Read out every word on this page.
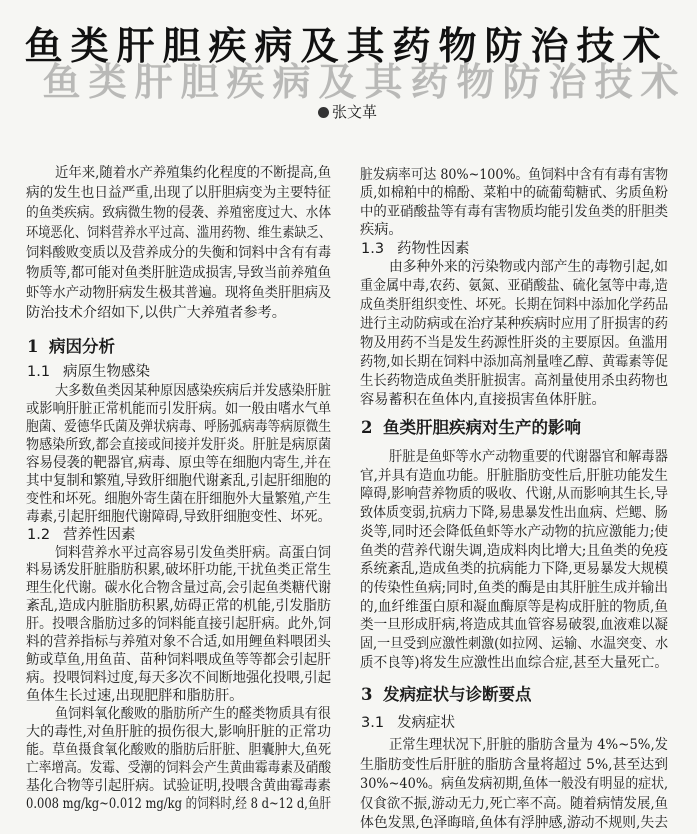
鱼类肝胆疾病及其药物防治技术
鱼类肝胆疾病及其药物防治技术
张文革
近年来,随着水产养殖集约化程度的不断提高,鱼
病的发生也日益严重,出现了以肝胆病变为主要特征
的鱼类疾病。致病微生物的侵袭、养殖密度过大、水体
环境恶化、饲料营养水平过高、滥用药物、维生素缺乏、
饲料酸败变质以及营养成分的失衡和饲料中含有有毒
物质等,都可能对鱼类肝脏造成损害,导致当前养殖鱼
虾等水产动物肝病发生极其普遍。现将鱼类肝胆病及
防治技术介绍如下,以供广大养殖者参考。
1 病因分析
1.1 病原生物感染
大多数鱼类因某种原因感染疾病后并发感染肝脏
或影响肝脏正常机能而引发肝病。如一般由嗜水气单
胞菌、爱德华氏菌及弹状病毒、呼肠弧病毒等病原微生
物感染所致,都会直接或间接并发肝炎。肝脏是病原菌
容易侵袭的靶器官,病毒、原虫等在细胞内寄生,并在
其中复制和繁殖,导致肝细胞代谢紊乱,引起肝细胞的
变性和坏死。细胞外寄生菌在肝细胞外大量繁殖,产生
毒素,引起肝细胞代谢障碍,导致肝细胞变性、坏死。
1.2 营养性因素
饲料营养水平过高容易引发鱼类肝病。高蛋白饲
料易诱发肝脏脂肪积累,破坏肝功能,干扰鱼类正常生
理生化代谢。碳水化合物含量过高,会引起鱼类糖代谢
紊乱,造成内脏脂肪积累,妨碍正常的机能,引发脂肪
肝。投喂含脂肪过多的饲料能直接引起肝病。此外,饲
料的营养指标与养殖对象不合适,如用鲤鱼料喂团头
鲂或草鱼,用鱼苗、苗种饲料喂成鱼等等都会引起肝
病。投喂饲料过度,每天多次不间断地强化投喂,引起
鱼体生长过速,出现肥胖和脂肪肝。
鱼饲料氧化酸败的脂肪所产生的醛类物质具有很
大的毒性,对鱼肝脏的损伤很大,影响肝脏的正常功
能。草鱼摄食氧化酸败的脂肪后肝脏、胆囊肿大,鱼死
亡率增高。发霉、受潮的饲料会产生黄曲霉毒素及硝酸
基化合物等引起肝病。试验证明,投喂含黄曲霉毒素
0.008 mg/kg~0.012 mg/kg 的饲料时,经 8 d~12 d,鱼肝
脏发病率可达 80%~100%。鱼饲料中含有有毒有害物
质,如棉粕中的棉酚、菜粕中的硫葡萄糖甙、劣质鱼粉
中的亚硝酸盐等有毒有害物质均能引发鱼类的肝胆类
疾病。
1.3 药物性因素
由多种外来的污染物或内部产生的毒物引起,如
重金属中毒,农药、氨氮、亚硝酸盐、硫化氢等中毒,造
成鱼类肝组织变性、坏死。长期在饲料中添加化学药品
进行主动防病或在治疗某种疾病时应用了肝损害的药
物及用药不当是发生药源性肝炎的主要原因。鱼滥用
药物,如长期在饲料中添加高剂量喹乙醇、黄霉素等促
生长药物造成鱼类肝脏损害。高剂量使用杀虫药物也
容易蓄积在鱼体内,直接损害鱼体肝脏。
2 鱼类肝胆疾病对生产的影响
肝脏是鱼虾等水产动物重要的代谢器官和解毒器
官,并具有造血功能。肝脏脂肪变性后,肝脏功能发生
障碍,影响营养物质的吸收、代谢,从而影响其生长,导
致体质变弱,抗病力下降,易患暴发性出血病、烂鳃、肠
炎等,同时还会降低鱼虾等水产动物的抗应激能力;使
鱼类的营养代谢失调,造成料肉比增大;且鱼类的免疫
系统紊乱,造成鱼类的抗病能力下降,更易暴发大规模
的传染性鱼病;同时,鱼类的酶是由其肝脏生成并输出
的,血纤维蛋白原和凝血酶原等是构成肝脏的物质,鱼
类一旦形成肝病,将造成其血管容易破裂,血液难以凝
固,一旦受到应激性刺激(如拉网、运输、水温突变、水
质不良等)将发生应激性出血综合症,甚至大量死亡。
3 发病症状与诊断要点
3.1 发病症状
正常生理状况下,肝脏的脂肪含量为 4%~5%,发
生脂肪变性后肝脏的脂肪含量将超过 5%,甚至达到
30%~40%。病鱼发病初期,鱼体一般没有明显的症状,
仅食欲不振,游动无力,死亡率不高。随着病情发展,鱼
体色发黑,色泽晦暗,鱼体有浮肿感,游动不规则,失去
